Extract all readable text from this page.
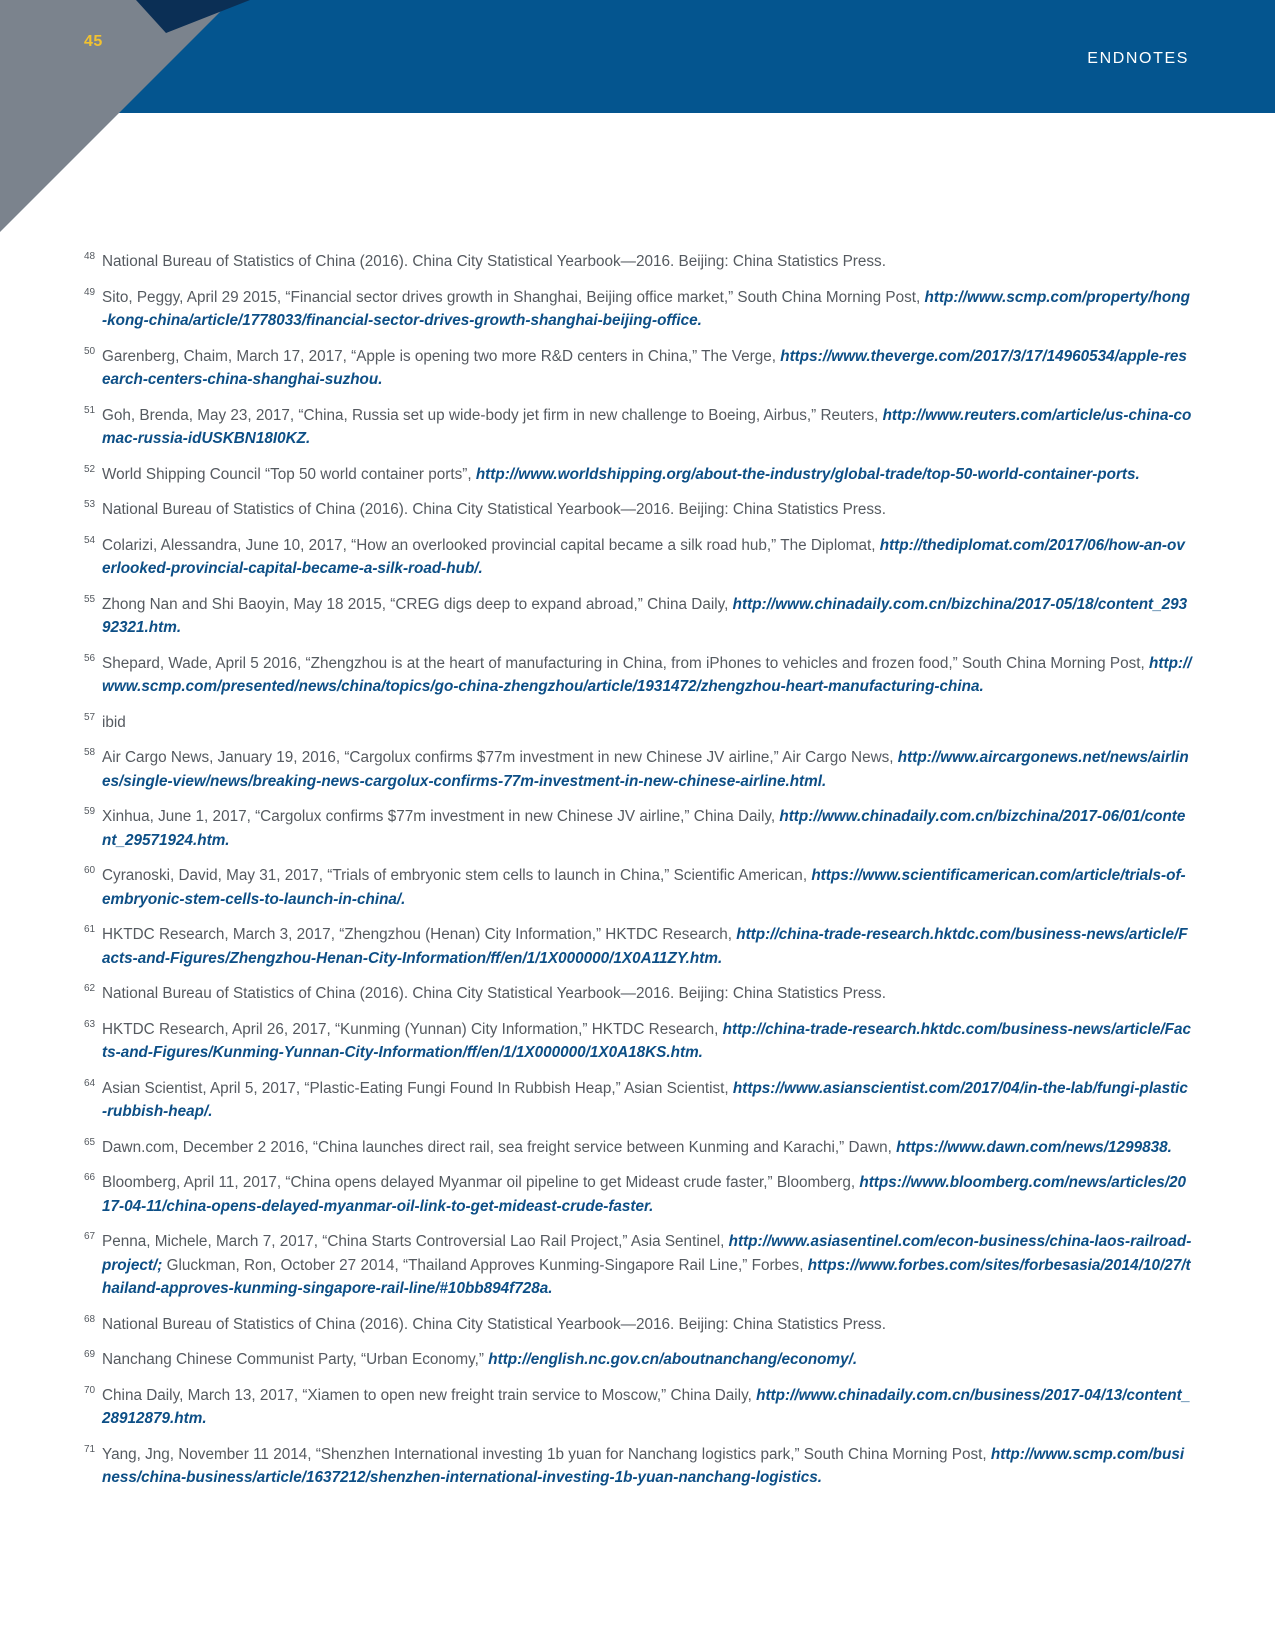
45
ENDNOTES
48 National Bureau of Statistics of China (2016). China City Statistical Yearbook—2016. Beijing: China Statistics Press.
49 Sito, Peggy, April 29 2015, “Financial sector drives growth in Shanghai, Beijing office market,” South China Morning Post, http://www.scmp.com/property/hong-kong-china/article/1778033/financial-sector-drives-growth-shanghai-beijing-office.
50 Garenberg, Chaim, March 17, 2017, “Apple is opening two more R&D centers in China,” The Verge, https://www.theverge.com/2017/3/17/14960534/apple-research-centers-china-shanghai-suzhou.
51 Goh, Brenda, May 23, 2017, “China, Russia set up wide-body jet firm in new challenge to Boeing, Airbus,” Reuters, http://www.reuters.com/article/us-china-comac-russia-idUSKBN18I0KZ.
52 World Shipping Council “Top 50 world container ports”, http://www.worldshipping.org/about-the-industry/global-trade/top-50-world-container-ports.
53 National Bureau of Statistics of China (2016). China City Statistical Yearbook—2016. Beijing: China Statistics Press.
54 Colarizi, Alessandra, June 10, 2017, “How an overlooked provincial capital became a silk road hub,” The Diplomat, http://thediplomat.com/2017/06/how-an-overlooked-provincial-capital-became-a-silk-road-hub/.
55 Zhong Nan and Shi Baoyin, May 18 2015, “CREG digs deep to expand abroad,” China Daily, http://www.chinadaily.com.cn/bizchina/2017-05/18/content_29392321.htm.
56 Shepard, Wade, April 5 2016, “Zhengzhou is at the heart of manufacturing in China, from iPhones to vehicles and frozen food,” South China Morning Post, http://www.scmp.com/presented/news/china/topics/go-china-zhengzhou/article/1931472/zhengzhou-heart-manufacturing-china.
57 ibid
58 Air Cargo News, January 19, 2016, “Cargolux confirms $77m investment in new Chinese JV airline,” Air Cargo News, http://www.aircargonews.net/news/airlines/single-view/news/breaking-news-cargolux-confirms-77m-investment-in-new-chinese-airline.html.
59 Xinhua, June 1, 2017, “Cargolux confirms $77m investment in new Chinese JV airline,” China Daily, http://www.chinadaily.com.cn/bizchina/2017-06/01/content_29571924.htm.
60 Cyranoski, David, May 31, 2017, “Trials of embryonic stem cells to launch in China,” Scientific American, https://www.scientificamerican.com/article/trials-of-embryonic-stem-cells-to-launch-in-china/.
61 HKTDC Research, March 3, 2017, “Zhengzhou (Henan) City Information,” HKTDC Research, http://china-trade-research.hktdc.com/business-news/article/Facts-and-Figures/Zhengzhou-Henan-City-Information/ff/en/1/1X000000/1X0A11ZY.htm.
62 National Bureau of Statistics of China (2016). China City Statistical Yearbook—2016. Beijing: China Statistics Press.
63 HKTDC Research, April 26, 2017, “Kunming (Yunnan) City Information,” HKTDC Research, http://china-trade-research.hktdc.com/business-news/article/Facts-and-Figures/Kunming-Yunnan-City-Information/ff/en/1/1X000000/1X0A18KS.htm.
64 Asian Scientist, April 5, 2017, “Plastic-Eating Fungi Found In Rubbish Heap,” Asian Scientist, https://www.asianscientist.com/2017/04/in-the-lab/fungi-plastic-rubbish-heap/.
65 Dawn.com, December 2 2016, “China launches direct rail, sea freight service between Kunming and Karachi,” Dawn, https://www.dawn.com/news/1299838.
66 Bloomberg, April 11, 2017, “China opens delayed Myanmar oil pipeline to get Mideast crude faster,” Bloomberg, https://www.bloomberg.com/news/articles/2017-04-11/china-opens-delayed-myanmar-oil-link-to-get-mideast-crude-faster.
67 Penna, Michele, March 7, 2017, “China Starts Controversial Lao Rail Project,” Asia Sentinel, http://www.asiasentinel.com/econ-business/china-laos-railroad-project/; Gluckman, Ron, October 27 2014, “Thailand Approves Kunming-Singapore Rail Line,” Forbes, https://www.forbes.com/sites/forbesasia/2014/10/27/thailand-approves-kunming-singapore-rail-line/#10bb894f728a.
68 National Bureau of Statistics of China (2016). China City Statistical Yearbook—2016. Beijing: China Statistics Press.
69 Nanchang Chinese Communist Party, “Urban Economy,” http://english.nc.gov.cn/aboutnanchang/economy/.
70 China Daily, March 13, 2017, “Xiamen to open new freight train service to Moscow,” China Daily, http://www.chinadaily.com.cn/business/2017-04/13/content_28912879.htm.
71 Yang, Jng, November 11 2014, “Shenzhen International investing 1b yuan for Nanchang logistics park,” South China Morning Post, http://www.scmp.com/business/china-business/article/1637212/shenzhen-international-investing-1b-yuan-nanchang-logistics.
